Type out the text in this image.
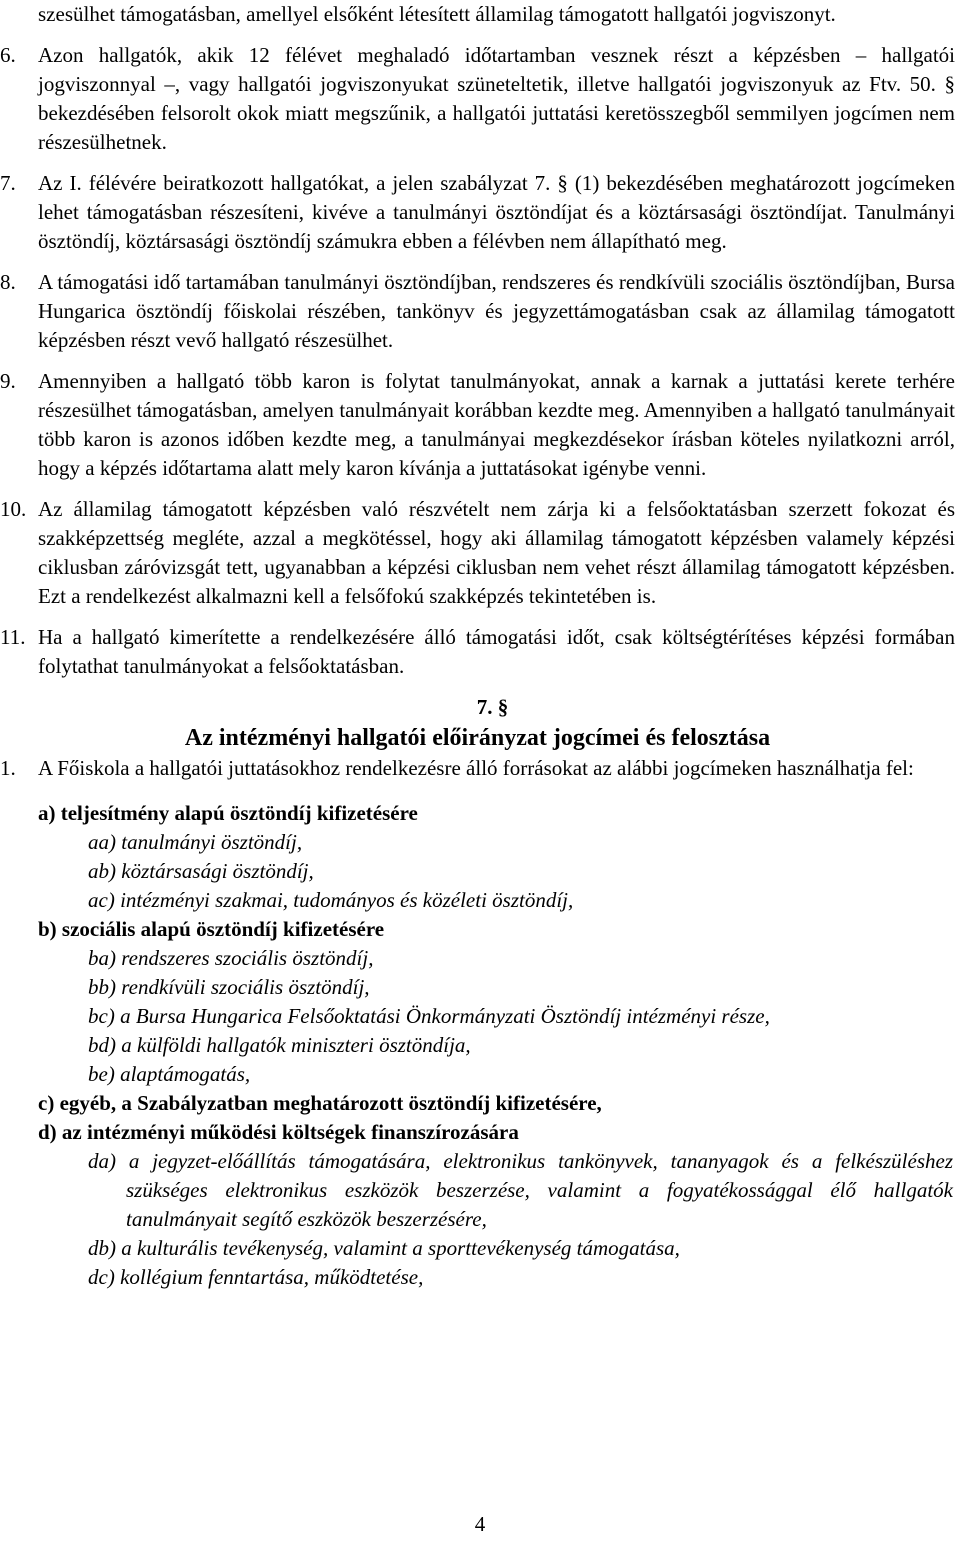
szesülhet támogatásban, amellyel elsőként létesített államilag támogatott hallgatói jogviszonyt.

6. Azon hallgatók, akik 12 félévet meghaladó időtartamban vesznek részt a képzésben – hallgatói jogviszonnyal –, vagy hallgatói jogviszonyukat szüneteltetik, illetve hallgatói jogviszonyuk az Ftv. 50. § bekezdésében felsorolt okok miatt megszűnik, a hallgatói juttatási keretösszegből semmilyen jogcímen nem részesülhetnek.

7. Az I. félévére beiratkozott hallgatókat, a jelen szabályzat 7. § (1) bekezdésében meghatározott jogcímeken lehet támogatásban részesíteni, kivéve a tanulmányi ösztöndíjat és a köztársasági ösztöndíjat. Tanulmányi ösztöndíj, köztársasági ösztöndíj számukra ebben a félévben nem állapítható meg.

8. A támogatási idő tartamában tanulmányi ösztöndíjban, rendszeres és rendkívüli szociális ösztöndíjban, Bursa Hungarica ösztöndíj főiskolai részében, tankönyv és jegyzettámogatásban csak az államilag támogatott képzésben részt vevő hallgató részesülhet.

9. Amennyiben a hallgató több karon is folytat tanulmányokat, annak a karnak a juttatási kerete terhére részesülhet támogatásban, amelyen tanulmányait korábban kezdte meg. Amennyiben a hallgató tanulmányait több karon is azonos időben kezdte meg, a tanulmányai megkezdésekor írásban köteles nyilatkozni arról, hogy a képzés időtartama alatt mely karon kívánja a juttatásokat igénybe venni.

10. Az államilag támogatott képzésben való részvételt nem zárja ki a felsőoktatásban szerzett fokozat és szakképzettség megléte, azzal a megkötéssel, hogy aki államilag támogatott képzésben valamely képzési ciklusban záróvizsgát tett, ugyanabban a képzési ciklusban nem vehet részt államilag támogatott képzésben. Ezt a rendelkezést alkalmazni kell a felsőfokú szakképzés tekintetében is.

11. Ha a hallgató kimerítette a rendelkezésére álló támogatási időt, csak költségtérítéses képzési formában folytathat tanulmányokat a felsőoktatásban.

7. §

Az intézményi hallgatói előirányzat jogcímei és felosztása

1. A Főiskola a hallgatói juttatásokhoz rendelkezésre álló forrásokat az alábbi jogcímeken használhatja fel:

a) teljesítmény alapú ösztöndíj kifizetésére

aa) tanulmányi ösztöndíj,

ab) köztársasági ösztöndíj,

ac) intézményi szakmai, tudományos és közéleti ösztöndíj,

b) szociális alapú ösztöndíj kifizetésére

ba) rendszeres szociális ösztöndíj,

bb) rendkívüli szociális ösztöndíj,

bc) a Bursa Hungarica Felsőoktatási Önkormányzati Ösztöndíj intézményi része,

bd) a külföldi hallgatók miniszteri ösztöndíja,

be) alaptámogatás,

c) egyéb, a Szabályzatban meghatározott ösztöndíj kifizetésére,

d) az intézményi működési költségek finanszírozására

da) a jegyzet-előállítás támogatására, elektronikus tankönyvek, tananyagok és a felkészüléshez szükséges elektronikus eszközök beszerzése, valamint a fogyatékossággal élő hallgatók tanulmányait segítő eszközök beszerzésére,

db) a kulturális tevékenység, valamint a sporttevékenység támogatása,

dc) kollégium fenntartása, működtetése,

4
